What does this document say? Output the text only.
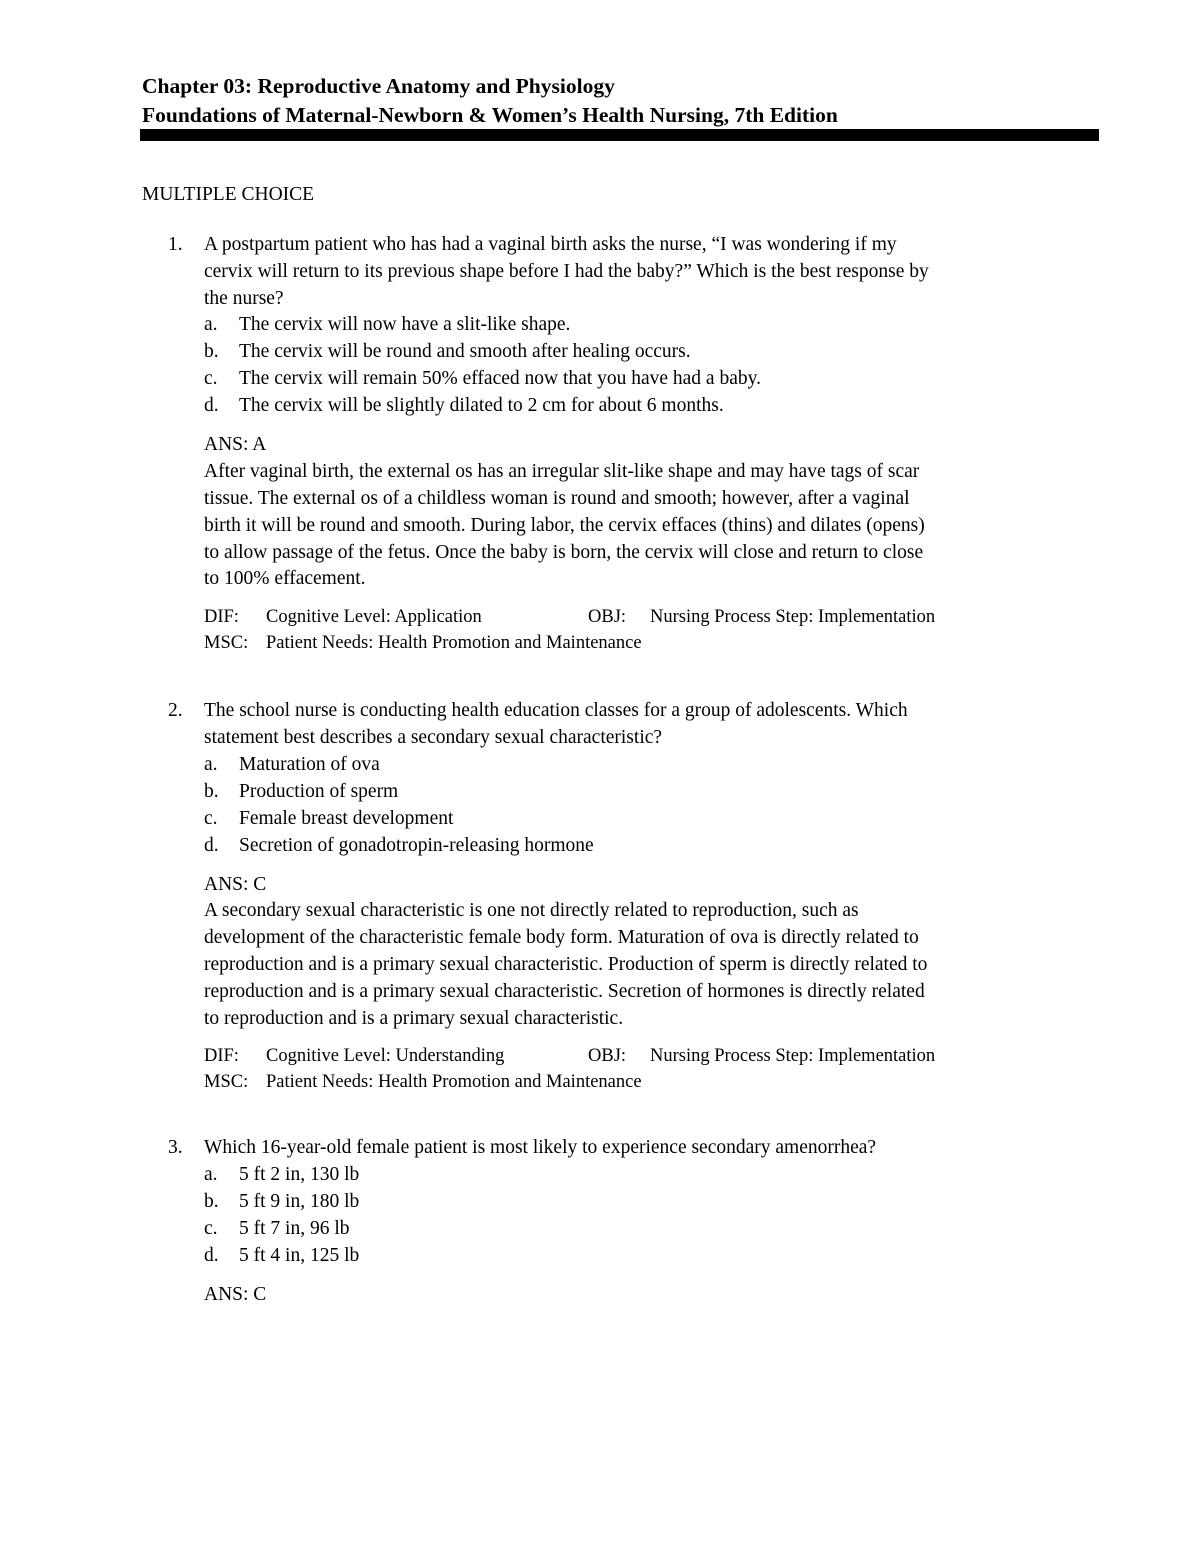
Chapter 03: Reproductive Anatomy and Physiology
Foundations of Maternal-Newborn & Women’s Health Nursing, 7th Edition
MULTIPLE CHOICE
1. A postpartum patient who has had a vaginal birth asks the nurse, “I was wondering if my
cervix will return to its previous shape before I had the baby?” Which is the best response by
the nurse?
a. The cervix will now have a slit-like shape.
b. The cervix will be round and smooth after healing occurs.
c. The cervix will remain 50% effaced now that you have had a baby.
d. The cervix will be slightly dilated to 2 cm for about 6 months.
ANS: A
After vaginal birth, the external os has an irregular slit-like shape and may have tags of scar
tissue. The external os of a childless woman is round and smooth; however, after a vaginal
birth it will be round and smooth. During labor, the cervix effaces (thins) and dilates (opens)
to allow passage of the fetus. Once the baby is born, the cervix will close and return to close
to 100% effacement.
DIF: Cognitive Level: Application	OBJ: Nursing Process Step: Implementation
MSC: Patient Needs: Health Promotion and Maintenance
2. The school nurse is conducting health education classes for a group of adolescents. Which
statement best describes a secondary sexual characteristic?
a. Maturation of ova
b. Production of sperm
c. Female breast development
d. Secretion of gonadotropin-releasing hormone
ANS: C
A secondary sexual characteristic is one not directly related to reproduction, such as
development of the characteristic female body form. Maturation of ova is directly related to
reproduction and is a primary sexual characteristic. Production of sperm is directly related to
reproduction and is a primary sexual characteristic. Secretion of hormones is directly related
to reproduction and is a primary sexual characteristic.
DIF: Cognitive Level: Understanding	OBJ: Nursing Process Step: Implementation
MSC: Patient Needs: Health Promotion and Maintenance
3. Which 16-year-old female patient is most likely to experience secondary amenorrhea?
a. 5 ft 2 in, 130 lb
b. 5 ft 9 in, 180 lb
c. 5 ft 7 in, 96 lb
d. 5 ft 4 in, 125 lb
ANS: C
